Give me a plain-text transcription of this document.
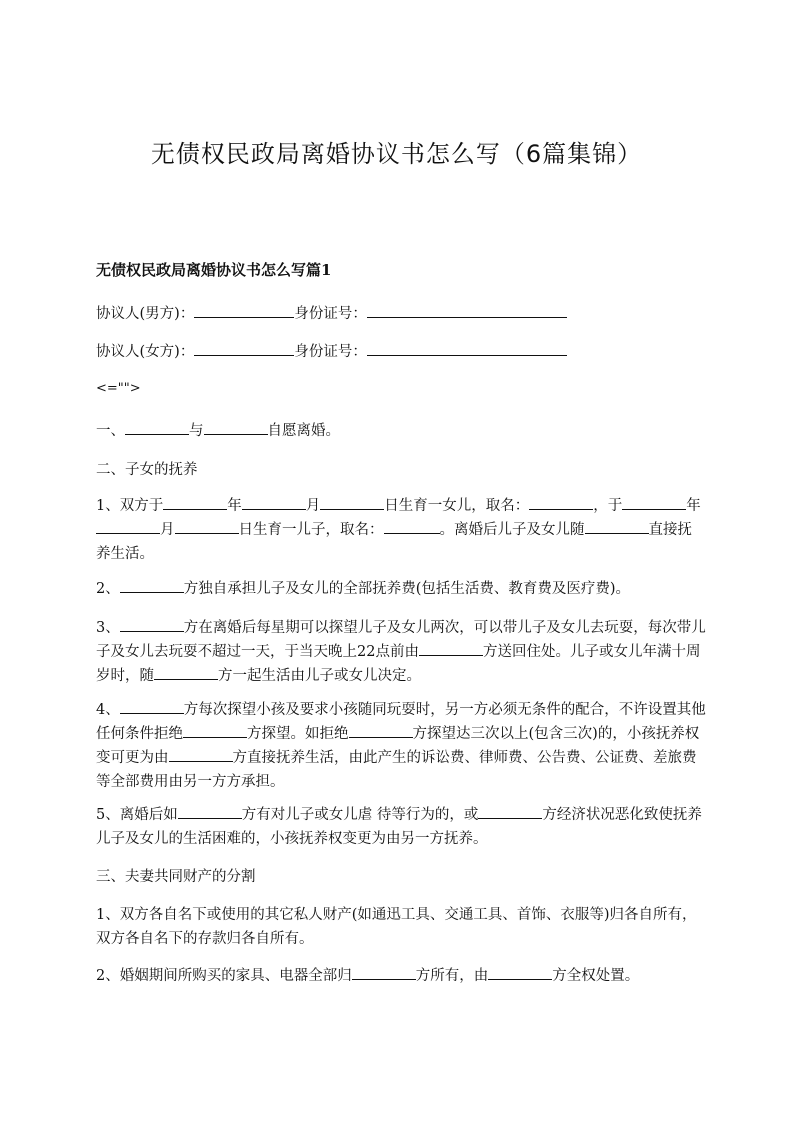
无债权民政局离婚协议书怎么写（6篇集锦）
无债权民政局离婚协议书怎么写篇1
协议人(男方)：	身份证号：
协议人(女方)：	身份证号：
<="">
一、	与	自愿离婚。
二、子女的抚养
1、双方于	年	月	日生育一女儿，取名：	，于	年月	日生育一儿子，取名：	。离婚后儿子及女儿随	直接抚养生活。
2、	方独自承担儿子及女儿的全部抚养费(包括生活费、教育费及医疗费)。
3、	方在离婚后每星期可以探望儿子及女儿两次，可以带儿子及女儿去玩耍，每次带儿子及女儿去玩耍不超过一天，于当天晚上22点前由	方送回住处。儿子或女儿年满十周岁时，随	方一起生活由儿子或女儿决定。
4、	方每次探望小孩及要求小孩随同玩耍时，另一方必须无条件的配合，不许设置其他任何条件拒绝	方探望。如拒绝	方探望达三次以上(包含三次)的，小孩抚养权变可更为由	方直接抚养生活，由此产生的诉讼费、律师费、公告费、公证费、差旅费等全部费用由另一方方承担。
5、离婚后如	方有对儿子或女儿虐 待等行为的，或	方经济状况恶化致使抚养儿子及女儿的生活困难的，小孩抚养权变更为由另一方抚养。
三、夫妻共同财产的分割
1、双方各自名下或使用的其它私人财产(如通迅工具、交通工具、首饰、衣服等)归各自所有，双方各自名下的存款归各自所有。
2、婚姻期间所购买的家具、电器全部归	方所有，由	方全权处置。
